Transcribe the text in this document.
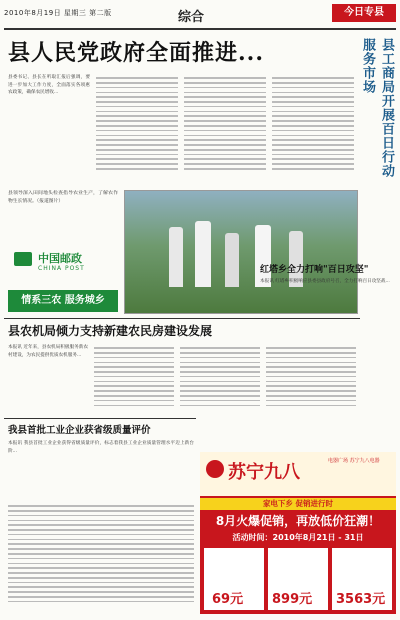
2010年8月19日 星期三 第二版	综合	今日专县
县人民党政府全面推进...
县委书记、县长在听取汇报后强调，要进一步加大工作力度，全面落实各项惠农政策，确保农民增收...
县领导深入田间地头检查指导农业生产，了解农作物生长情况。（报道图片）
中国邮政
CHINA POST
情系三农 服务城乡
县工商局开展百日行动服务市场
县农机局倾力支持新建农民房建设发展
本报讯 近年来，县农机局积极服务新农村建设，为农民提供优质农机服务...
红塔乡全力打响"百日攻坚"
我县首批工业企业获省级质量评价
本报讯 我县首批工业企业获得省级质量评价，标志着我县工业企业质量管理水平迈上新台阶...
苏宁九八
电器广场 苏宁九八电器
家电下乡 促销进行时
8月火爆促销，再放低价狂潮！
活动时间：2010年8月21日 - 31日
69元 899元 3563元
本报讯 红塔乡积极响应县委县政府号召，全力打响百日攻坚战...
